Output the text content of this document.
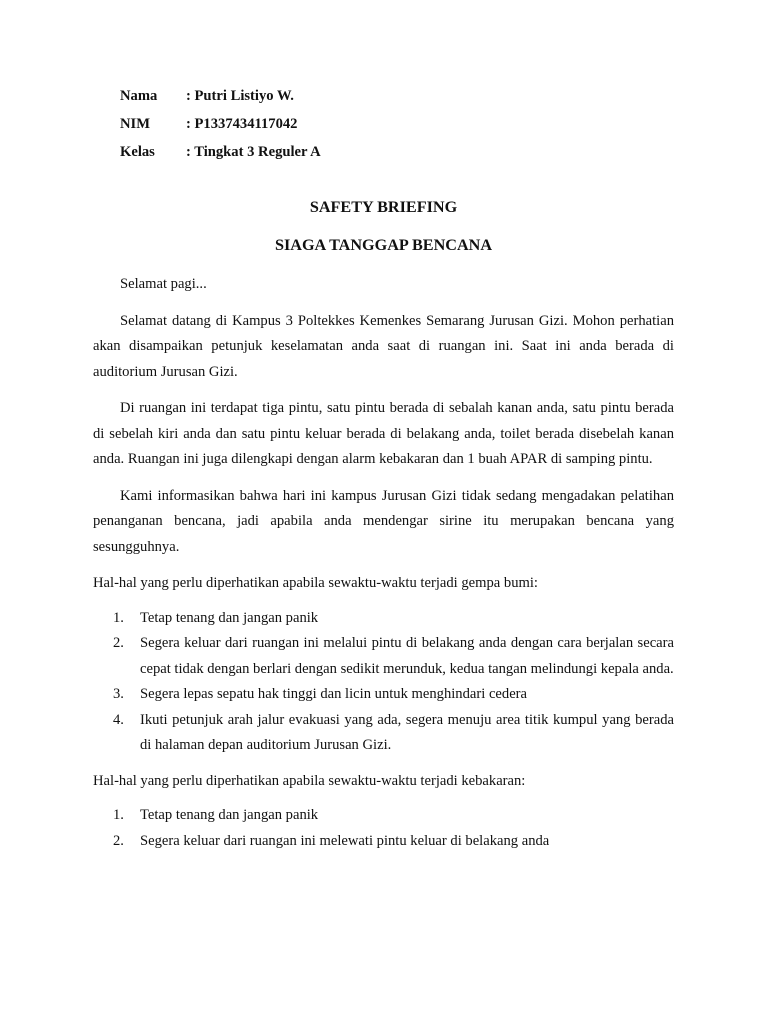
Nama	: Putri Listiyo W.
NIM	: P1337434117042
Kelas	: Tingkat 3 Reguler A
SAFETY BRIEFING
SIAGA TANGGAP BENCANA

Selamat pagi...

Selamat datang di Kampus 3 Poltekkes Kemenkes Semarang Jurusan Gizi. Mohon perhatian akan disampaikan petunjuk keselamatan anda saat di ruangan ini. Saat ini anda berada di auditorium Jurusan Gizi.

Di ruangan ini terdapat tiga pintu, satu pintu berada di sebalah kanan anda, satu pintu berada di sebelah kiri anda dan satu pintu keluar berada di belakang anda, toilet berada disebelah kanan anda. Ruangan ini juga dilengkapi dengan alarm kebakaran dan 1 buah APAR di samping pintu.

Kami informasikan bahwa hari ini kampus Jurusan Gizi tidak sedang mengadakan pelatihan penanganan bencana, jadi apabila anda mendengar sirine itu merupakan bencana yang sesungguhnya.

Hal-hal yang perlu diperhatikan apabila sewaktu-waktu terjadi gempa bumi:
1.	Tetap tenang dan jangan panik
2.	Segera keluar dari ruangan ini melalui pintu di belakang anda dengan cara berjalan secara cepat tidak dengan berlari dengan sedikit merunduk, kedua tangan melindungi kepala anda.
3.	Segera lepas sepatu hak tinggi dan licin untuk menghindari cedera
4.	Ikuti petunjuk arah jalur evakuasi yang ada, segera menuju area titik kumpul yang berada di halaman depan auditorium Jurusan Gizi.
Hal-hal yang perlu diperhatikan apabila sewaktu-waktu terjadi kebakaran:
1.	Tetap tenang dan jangan panik
2.	Segera keluar dari ruangan ini melewati pintu keluar di belakang anda
